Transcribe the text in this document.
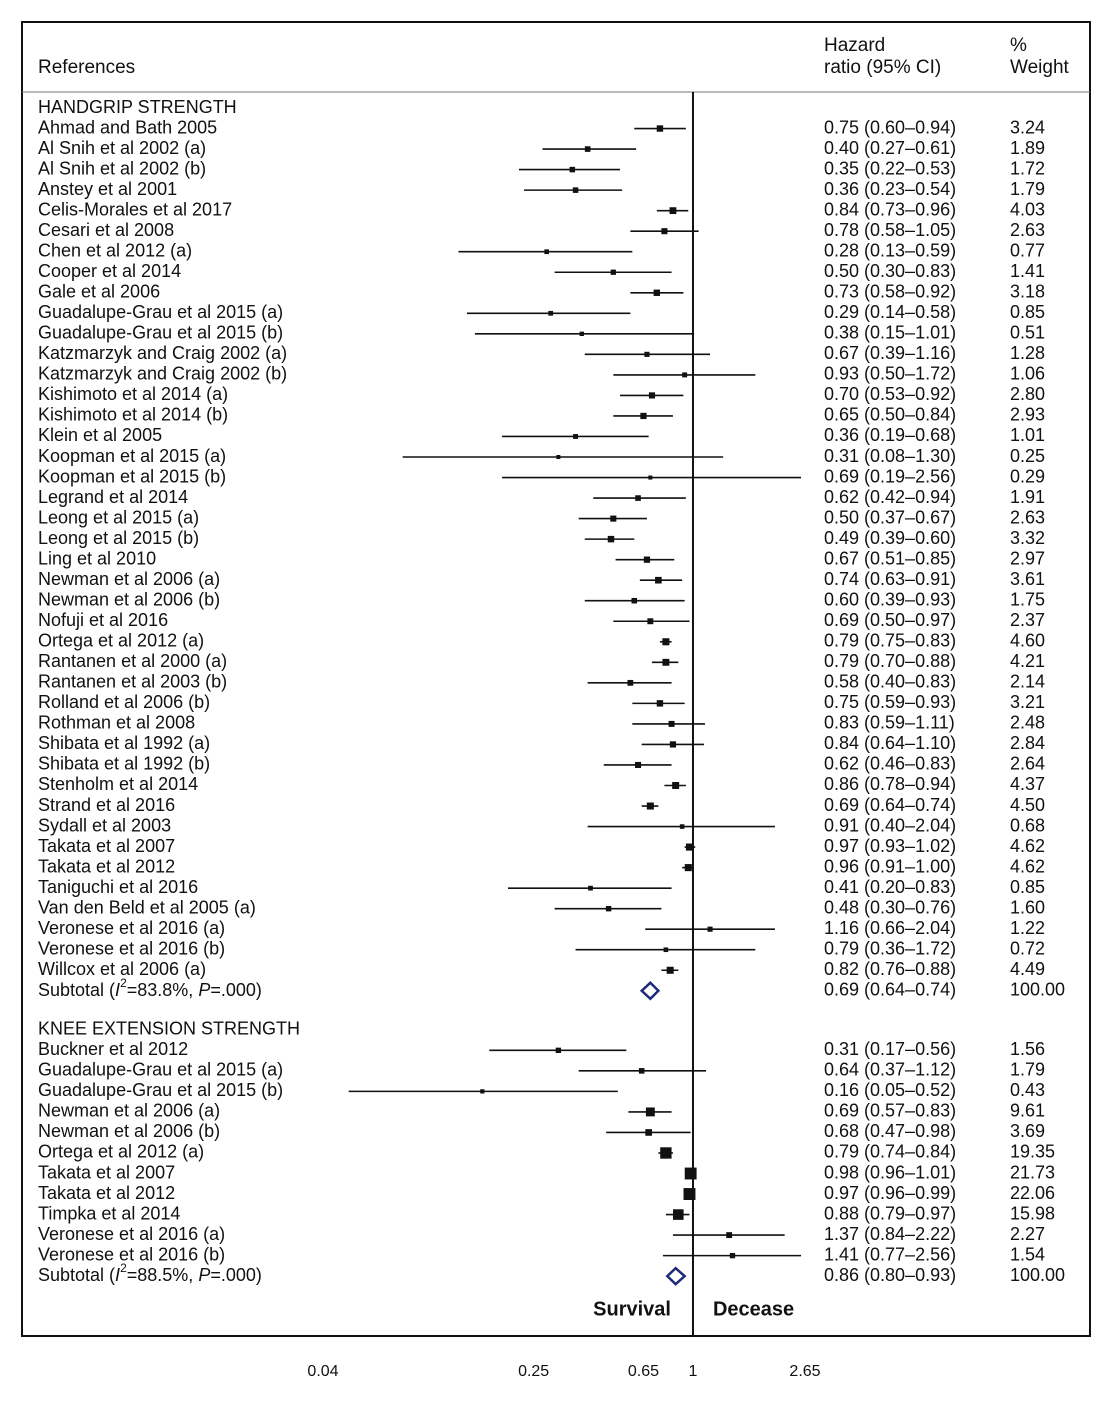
Survival Decease
References
Hazard
ratio (95% CI)
%
Weight
HANDGRIP STRENGTH
Ahmad and Bath 2005	0.75 (0.60–0.94)	3.24
Al Snih et al 2002 (a)	0.40 (0.27–0.61)	1.89
Al Snih et al 2002 (b)	0.35 (0.22–0.53)	1.72
Anstey et al 2001	0.36 (0.23–0.54)	1.79
Celis-Morales et al 2017	0.84 (0.73–0.96)	4.03
Cesari et al 2008	0.78 (0.58–1.05)	2.63
Chen et al 2012 (a)	0.28 (0.13–0.59)	0.77
Cooper et al 2014	0.50 (0.30–0.83)	1.41
Gale et al 2006	0.73 (0.58–0.92)	3.18
Guadalupe-Grau et al 2015 (a)	0.29 (0.14–0.58)	0.85
Guadalupe-Grau et al 2015 (b)	0.38 (0.15–1.01)	0.51
Katzmarzyk and Craig 2002 (a)	0.67 (0.39–1.16)	1.28
Katzmarzyk and Craig 2002 (b)	0.93 (0.50–1.72)	1.06
Kishimoto et al 2014 (a)	0.70 (0.53–0.92)	2.80
Kishimoto et al 2014 (b)	0.65 (0.50–0.84)	2.93
Klein et al 2005	0.36 (0.19–0.68)	1.01
Koopman et al 2015 (a)	0.31 (0.08–1.30)	0.25
Koopman et al 2015 (b)	0.69 (0.19–2.56)	0.29
Legrand et al 2014	0.62 (0.42–0.94)	1.91
Leong et al 2015 (a)	0.50 (0.37–0.67)	2.63
Leong et al 2015 (b)	0.49 (0.39–0.60)	3.32
Ling et al 2010	0.67 (0.51–0.85)	2.97
Newman et al 2006 (a)	0.74 (0.63–0.91)	3.61
Newman et al 2006 (b)	0.60 (0.39–0.93)	1.75
Nofuji et al 2016	0.69 (0.50–0.97)	2.37
Ortega et al 2012 (a)	0.79 (0.75–0.83)	4.60
Rantanen et al 2000 (a)	0.79 (0.70–0.88)	4.21
Rantanen et al 2003 (b)	0.58 (0.40–0.83)	2.14
Rolland et al 2006 (b)	0.75 (0.59–0.93)	3.21
Rothman et al 2008	0.83 (0.59–1.11)	2.48
Shibata et al 1992 (a)	0.84 (0.64–1.10)	2.84
Shibata et al 1992 (b)	0.62 (0.46–0.83)	2.64
Stenholm et al 2014	0.86 (0.78–0.94)	4.37
Strand et al 2016	0.69 (0.64–0.74)	4.50
Sydall et al 2003	0.91 (0.40–2.04)	0.68
Takata et al 2007	0.97 (0.93–1.02)	4.62
Takata et al 2012	0.96 (0.91–1.00)	4.62
Taniguchi et al 2016	0.41 (0.20–0.83)	0.85
Van den Beld et al 2005 (a)	0.48 (0.30–0.76)	1.60
Veronese et al 2016 (a)	1.16 (0.66–2.04)	1.22
Veronese et al 2016 (b)	0.79 (0.36–1.72)	0.72
Willcox et al 2006 (a)	0.82 (0.76–0.88)	4.49
Subtotal ($I^2=83.8\%$, P=.000)	0.69 (0.64–0.74)	100.00
KNEE EXTENSION STRENGTH
Buckner et al 2012	0.31 (0.17–0.56)	1.56
Guadalupe-Grau et al 2015 (a)	0.64 (0.37–1.12)	1.79
Guadalupe-Grau et al 2015 (b)	0.16 (0.05–0.52)	0.43
Newman et al 2006 (a)	0.69 (0.57–0.83)	9.61
Newman et al 2006 (b)	0.68 (0.47–0.98)	3.69
Ortega et al 2012 (a)	0.79 (0.74–0.84)	19.35
Takata et al 2007	0.98 (0.96–1.01)	21.73
Takata et al 2012	0.97 (0.96–0.99)	22.06
Timpka et al 2014	0.88 (0.79–0.97)	15.98
Veronese et al 2016 (a)	1.37 (0.84–2.22)	2.27
Veronese et al 2016 (b)	1.41 (0.77–2.56)	1.54
Subtotal ($I^2=88.5\%$, P=.000)	0.86 (0.80–0.93)	100.00
0.04	0.25	0.65 1	2.65
